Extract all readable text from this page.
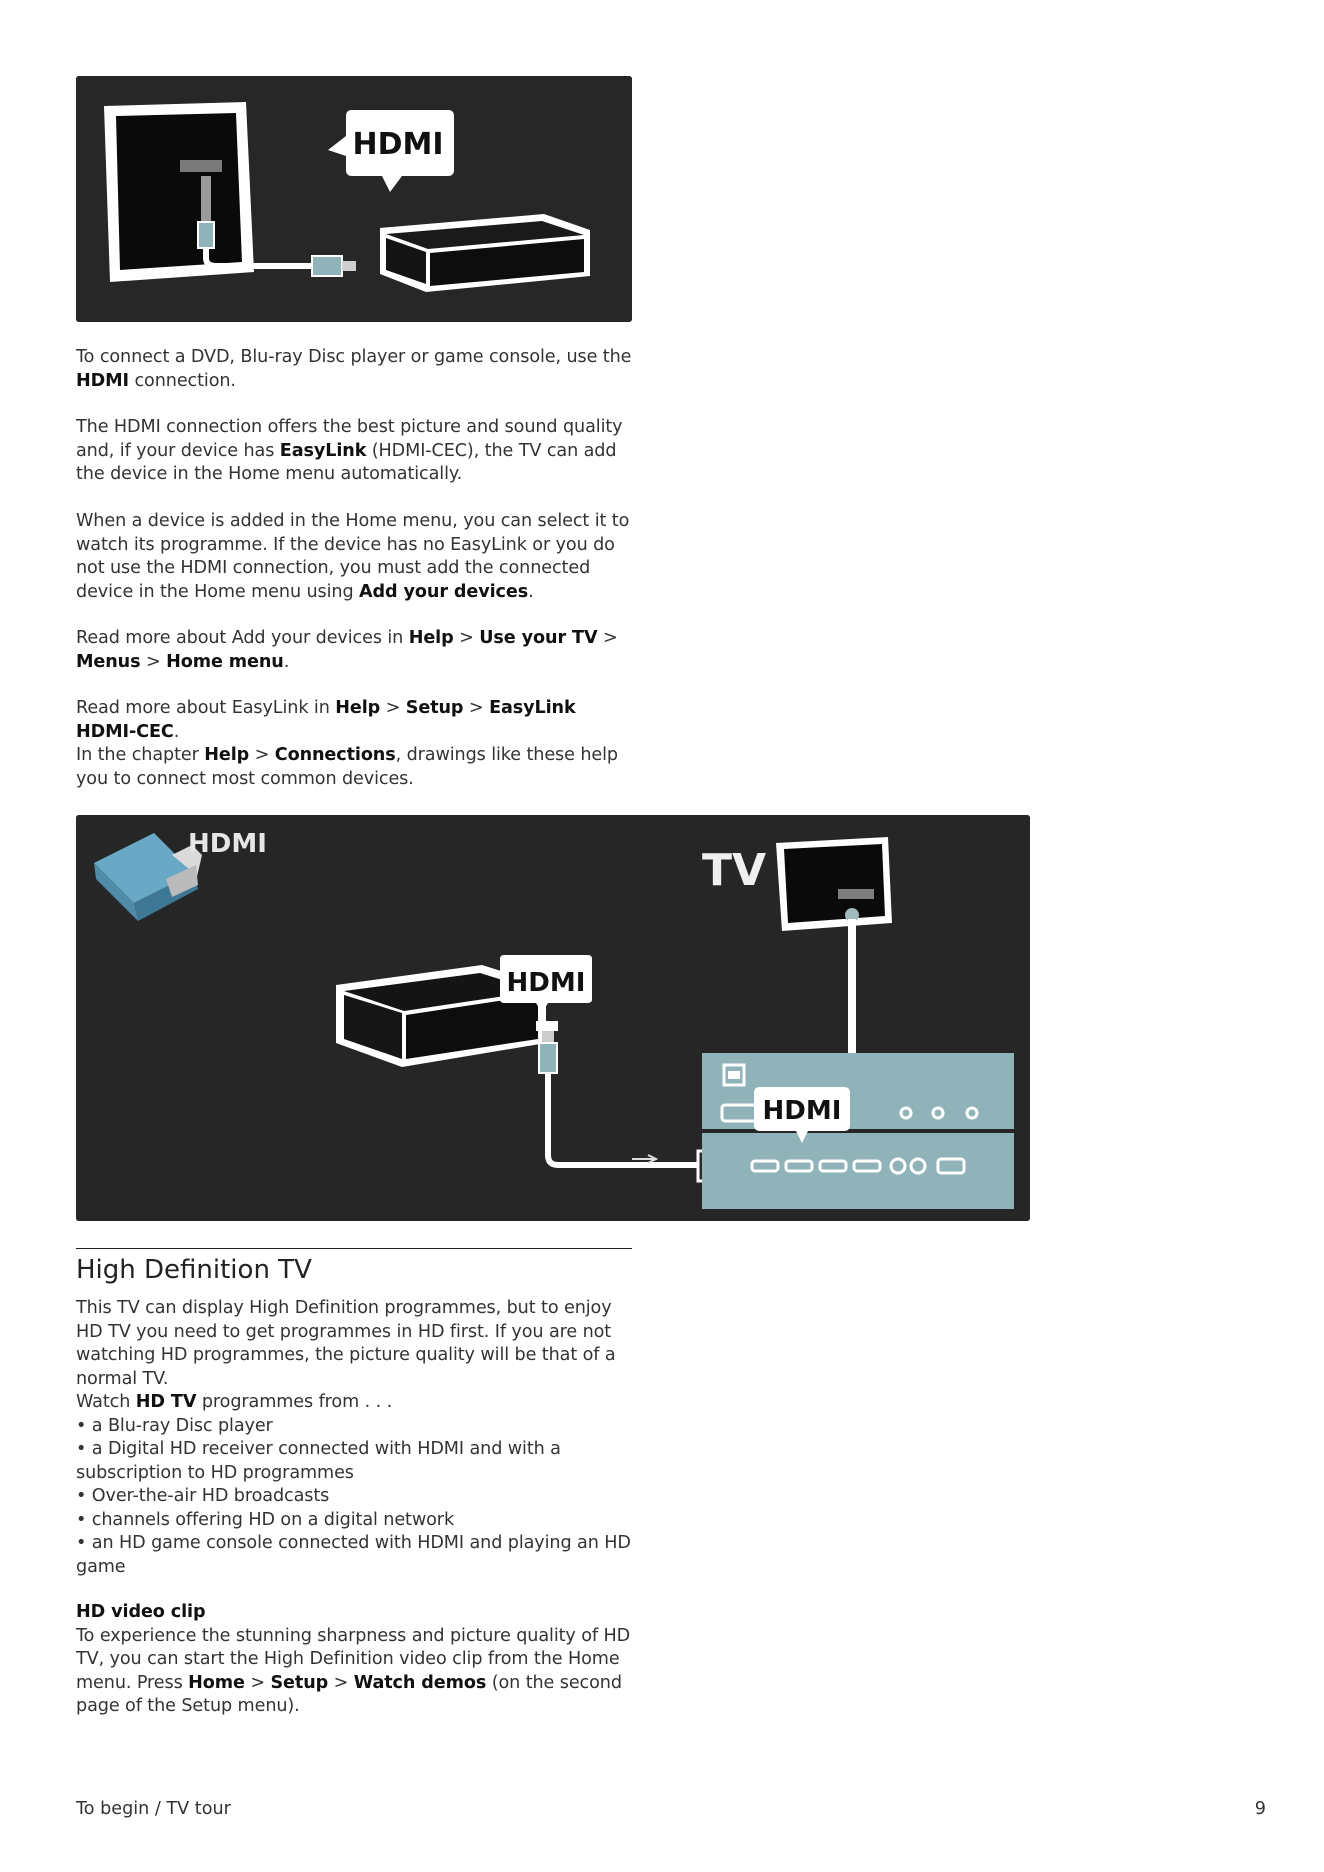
HDMI

To connect a DVD, Blu-ray Disc player or game console, use the HDMI connection.

The HDMI connection offers the best picture and sound quality and, if your device has EasyLink (HDMI-CEC), the TV can add the device in the Home menu automatically.

When a device is added in the Home menu, you can select it to watch its programme. If the device has no EasyLink or you do not use the HDMI connection, you must add the connected device in the Home menu using Add your devices.

Read more about Add your devices in Help > Use your TV > Menus > Home menu.

Read more about EasyLink in Help > Setup > EasyLink HDMI-CEC.

In the chapter Help > Connections, drawings like these help you to connect most common devices.

HDMI
TV
HDMI
HDMI
High Definition TV

This TV can display High Definition programmes, but to enjoy HD TV you need to get programmes in HD first. If you are not watching HD programmes, the picture quality will be that of a normal TV.

Watch HD TV programmes from . . .

• a Blu-ray Disc player

• a Digital HD receiver connected with HDMI and with a subscription to HD programmes

• Over-the-air HD broadcasts

• channels offering HD on a digital network

• an HD game console connected with HDMI and playing an HD game

HD video clip

To experience the stunning sharpness and picture quality of HD TV, you can start the High Definition video clip from the Home menu. Press Home > Setup > Watch demos (on the second page of the Setup menu).

To begin / TV tour	9
